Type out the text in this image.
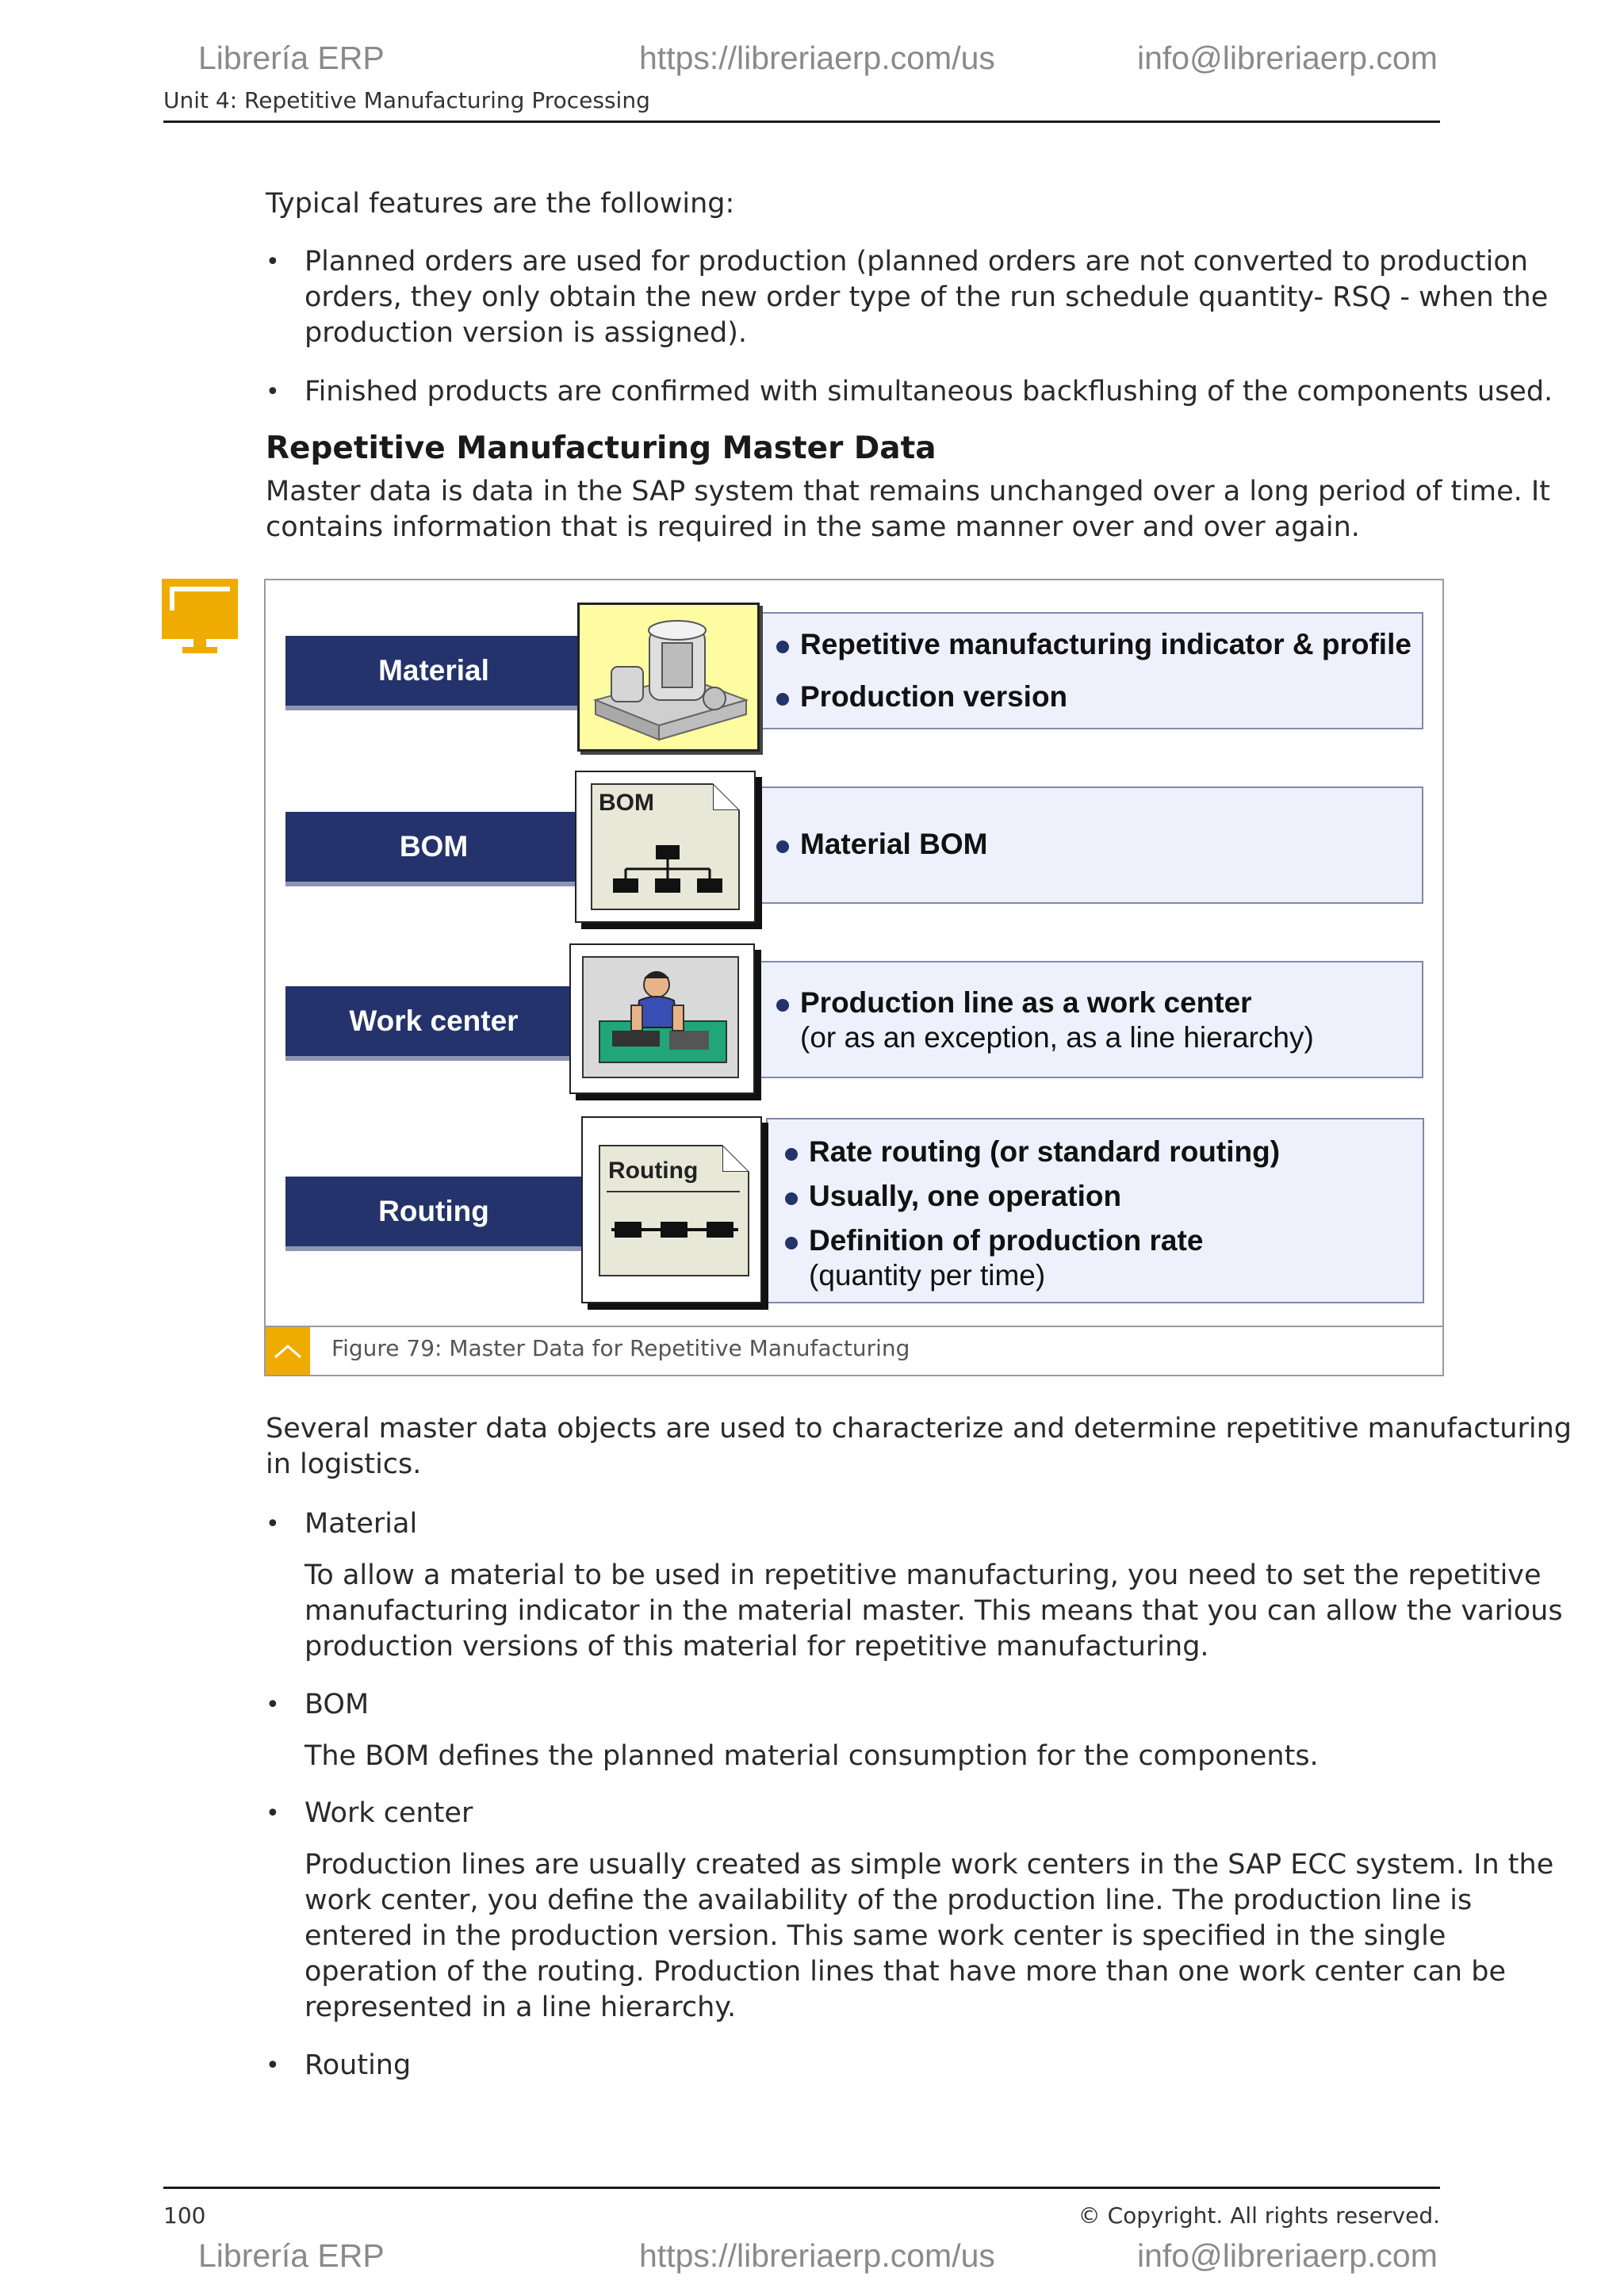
Librería ERP	https://libreriaerp.com/us	info@libreriaerp.com
Unit 4: Repetitive Manufacturing Processing
Typical features are the following:
• Planned orders are used for production (planned orders are not converted to production
orders, they only obtain the new order type of the run schedule quantity- RSQ - when the
production version is assigned).
• Finished products are confirmed with simultaneous backflushing of the components used.
Repetitive Manufacturing Master Data
Master data is data in the SAP system that remains unchanged over a long period of time. It
contains information that is required in the same manner over and over again.
Material
Repetitive manufacturing indicator & profile
Production version
BOM	Material BOM
BOM
Work center
Production line as a work center
(or as an exception, as a line hierarchy)
Routing
Rate routing (or standard routing)
Usually, one operation
Definition of production rate
(quantity per time)
Routing
Figure 79: Master Data for Repetitive Manufacturing
Several master data objects are used to characterize and determine repetitive manufacturing
in logistics.
• Material
To allow a material to be used in repetitive manufacturing, you need to set the repetitive
manufacturing indicator in the material master. This means that you can allow the various
production versions of this material for repetitive manufacturing.
• BOM
The BOM defines the planned material consumption for the components.
• Work center
Production lines are usually created as simple work centers in the SAP ECC system. In the
work center, you define the availability of the production line. The production line is
entered in the production version. This same work center is specified in the single
operation of the routing. Production lines that have more than one work center can be
represented in a line hierarchy.
• Routing
100	© Copyright. All rights reserved.
Librería ERP	https://libreriaerp.com/us	info@libreriaerp.com
